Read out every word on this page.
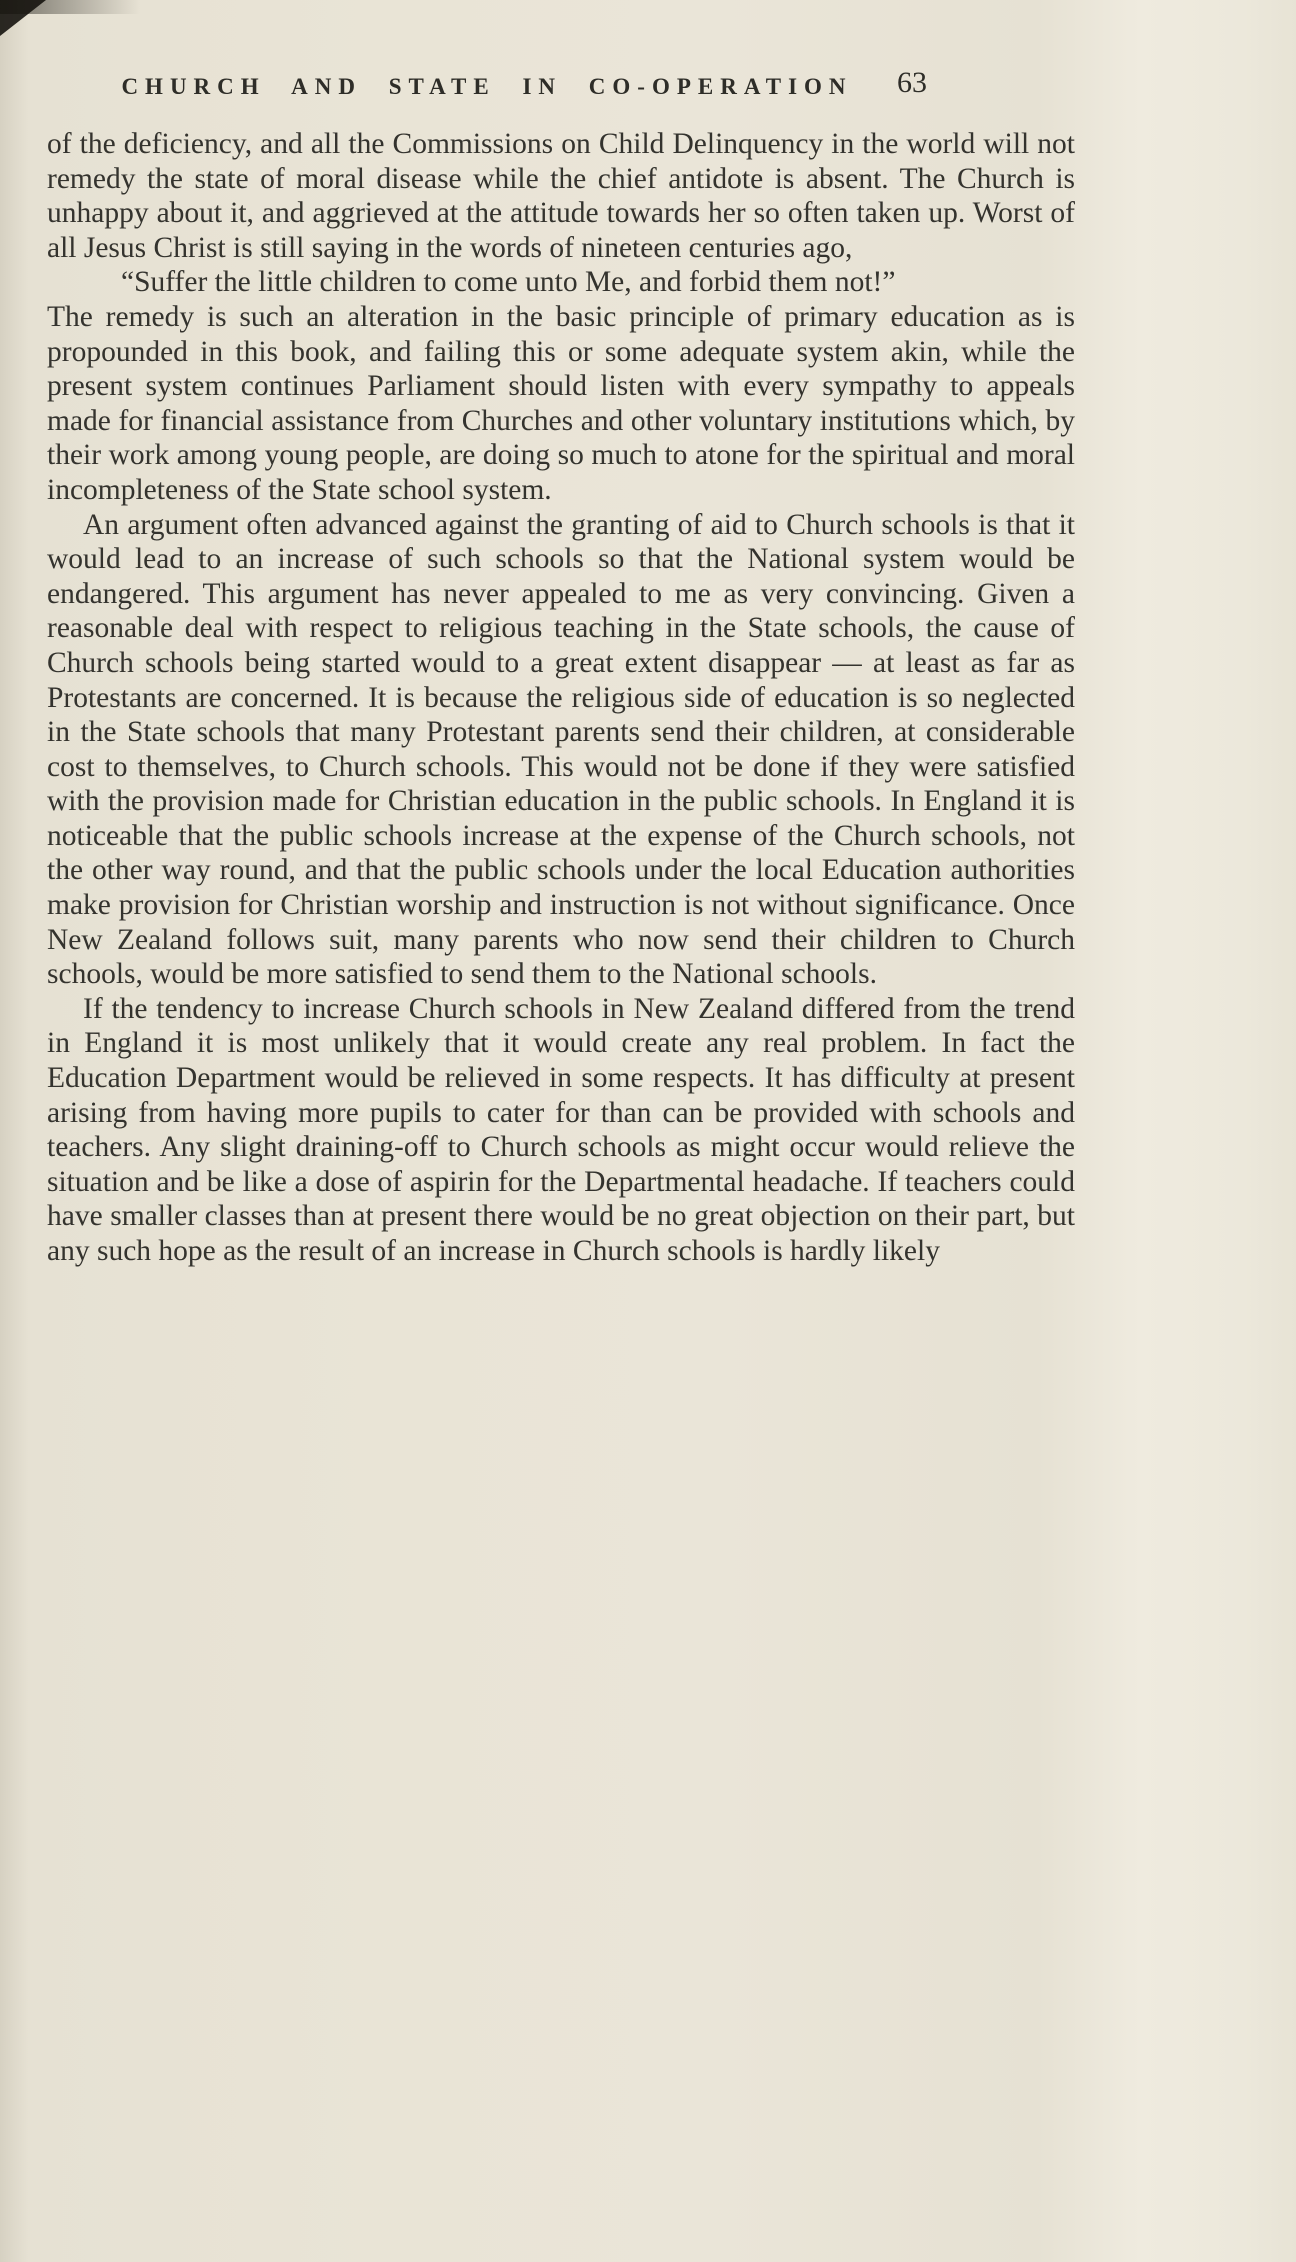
CHURCH AND STATE IN CO-OPERATION	63

of the deficiency, and all the Commissions on Child Delinquency in the world will not remedy the state of moral disease while the chief antidote is absent. The Church is unhappy about it, and aggrieved at the attitude towards her so often taken up. Worst of all Jesus Christ is still saying in the words of nineteen centuries ago,

“Suffer the little children to come unto Me, and forbid them not!”

The remedy is such an alteration in the basic principle of primary education as is propounded in this book, and failing this or some adequate system akin, while the present system continues Parliament should listen with every sympathy to appeals made for financial assistance from Churches and other voluntary institutions which, by their work among young people, are doing so much to atone for the spiritual and moral incompleteness of the State school system.

An argument often advanced against the granting of aid to Church schools is that it would lead to an increase of such schools so that the National system would be endangered. This argument has never appealed to me as very convincing. Given a reasonable deal with respect to religious teaching in the State schools, the cause of Church schools being started would to a great extent disappear — at least as far as Protestants are concerned. It is because the religious side of education is so neglected in the State schools that many Protestant parents send their children, at considerable cost to themselves, to Church schools. This would not be done if they were satisfied with the provision made for Christian education in the public schools. In England it is noticeable that the public schools increase at the expense of the Church schools, not the other way round, and that the public schools under the local Education authorities make provision for Christian worship and instruction is not without significance. Once New Zealand follows suit, many parents who now send their children to Church schools, would be more satisfied to send them to the National schools.

If the tendency to increase Church schools in New Zealand differed from the trend in England it is most unlikely that it would create any real problem. In fact the Education Department would be relieved in some respects. It has difficulty at present arising from having more pupils to cater for than can be provided with schools and teachers. Any slight draining-off to Church schools as might occur would relieve the situation and be like a dose of aspirin for the Departmental headache. If teachers could have smaller classes than at present there would be no great objection on their part, but any such hope as the result of an increase in Church schools is hardly likely
